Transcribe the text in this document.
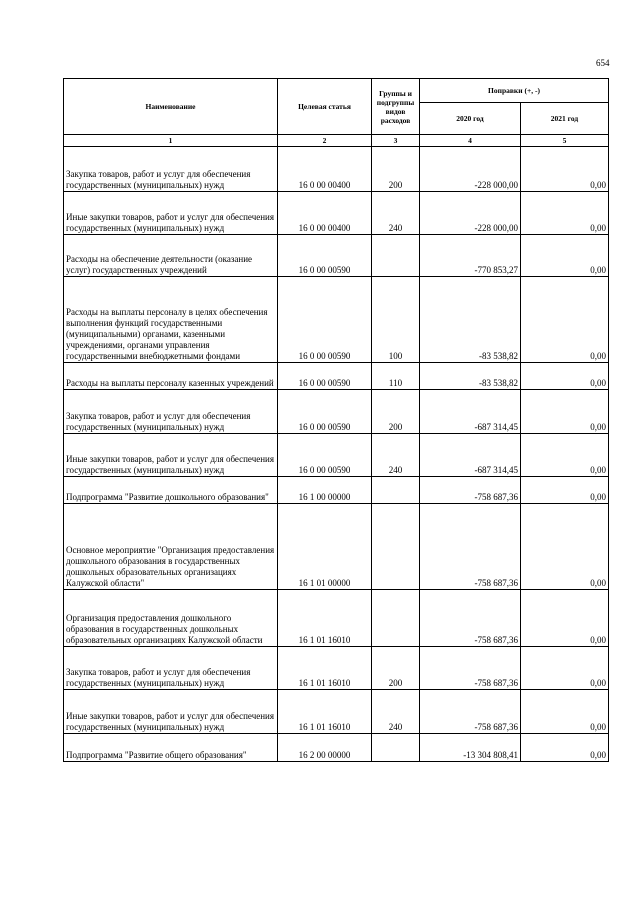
654
Наименование	Целевая статья	Группы и подгруппы видов расходов	Поправки (+, -)	
			2020 год	2021 год
1	2	3	4	5
Закупка товаров, работ и услуг для обеспечения государственных (муниципальных) нужд	16 0 00 00400	200	-228 000,00	0,00
Иные закупки товаров, работ и услуг для обеспечения государственных (муниципальных) нужд	16 0 00 00400	240	-228 000,00	0,00
Расходы на обеспечение деятельности (оказание услуг) государственных учреждений	16 0 00 00590		-770 853,27	0,00
Расходы на выплаты персоналу в целях обеспечения выполнения функций государственными (муниципальными) органами, казенными учреждениями, органами управления государственными внебюджетными фондами	16 0 00 00590	100	-83 538,82	0,00
Расходы на выплаты персоналу казенных учреждений	16 0 00 00590	110	-83 538,82	0,00
Закупка товаров, работ и услуг для обеспечения государственных (муниципальных) нужд	16 0 00 00590	200	-687 314,45	0,00
Иные закупки товаров, работ и услуг для обеспечения государственных (муниципальных) нужд	16 0 00 00590	240	-687 314,45	0,00
Подпрограмма "Развитие дошкольного образования"	16 1 00 00000		-758 687,36	0,00
Основное мероприятие "Организация предоставления дошкольного образования в государственных дошкольных образовательных организациях Калужской области"	16 1 01 00000		-758 687,36	0,00
Организация предоставления дошкольного образования в государственных дошкольных образовательных организациях Калужской области	16 1 01 16010		-758 687,36	0,00
Закупка товаров, работ и услуг для обеспечения государственных (муниципальных) нужд	16 1 01 16010	200	-758 687,36	0,00
Иные закупки товаров, работ и услуг для обеспечения государственных (муниципальных) нужд	16 1 01 16010	240	-758 687,36	0,00
Подпрограмма "Развитие общего образования"	16 2 00 00000		-13 304 808,41	0,00
